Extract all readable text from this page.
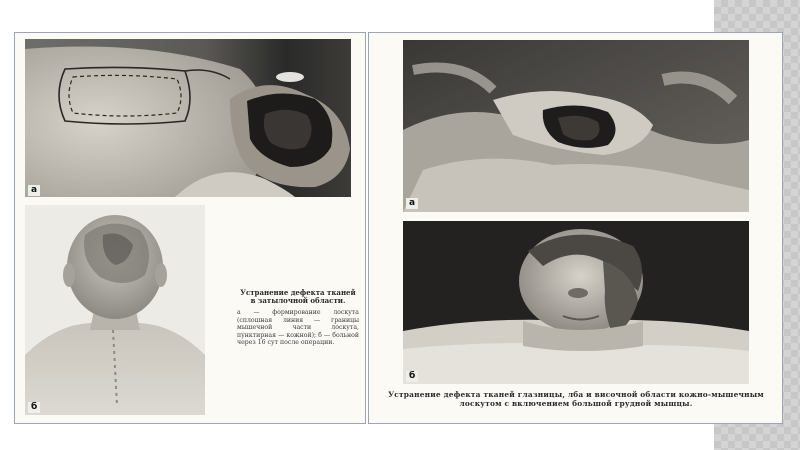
а
б
Устранение дефекта тканей в затылочной области.
а — формирование лоскута (сплошная линия — границы мышечной части лоскута, пунктирная — кожной); б — больной через 16 сут после операции.
а
б
Устранение дефекта тканей глазницы, лба и височной области кожно-мышечным лоскутом с включением большой грудной мышцы.
